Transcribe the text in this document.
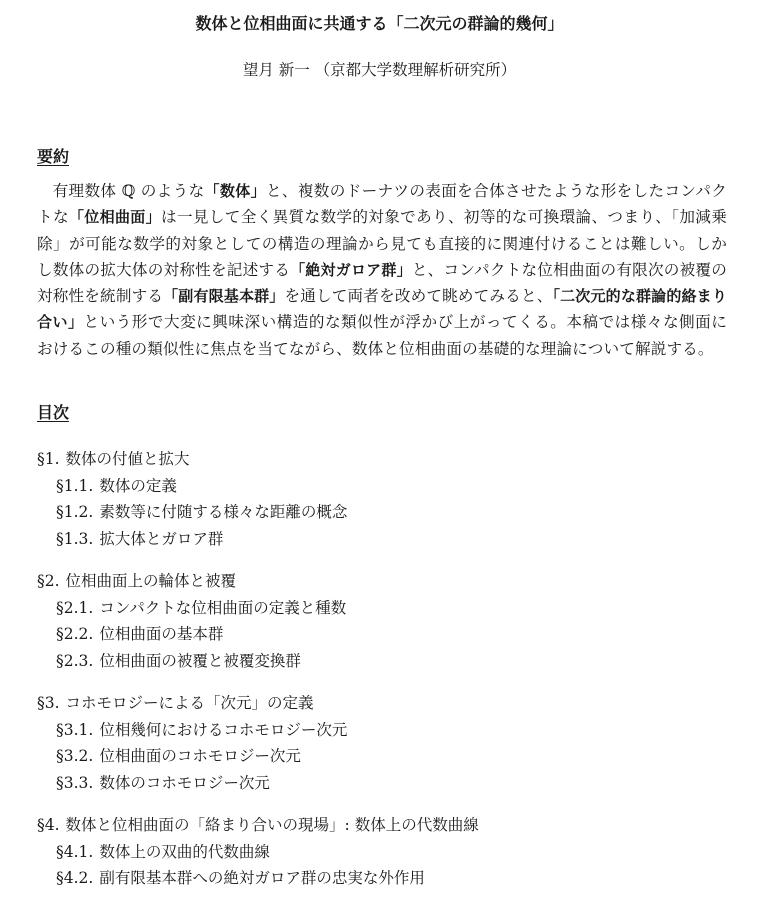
数体と位相曲面に共通する「二次元の群論的幾何」
望月 新一 （京都大学数理解析研究所）
要約

有理数体 ℚ のような「数体」と、複数のドーナツの表面を合体させたような形をしたコンパクトな「位相曲面」は一見して全く異質な数学的対象であり、初等的な可換環論、つまり、「加減乗除」が可能な数学的対象としての構造の理論から見ても直接的に関連付けることは難しい。しかし数体の拡大体の対称性を記述する「絶対ガロア群」と、コンパクトな位相曲面の有限次の被覆の対称性を統制する「副有限基本群」を通して両者を改めて眺めてみると、「二次元的な群論的絡まり合い」という形で大変に興味深い構造的な類似性が浮かび上がってくる。本稿では様々な側面におけるこの種の類似性に焦点を当てながら、数体と位相曲面の基礎的な理論について解説する。

目次
§1. 数体の付値と拡大
§1.1. 数体の定義
§1.2. 素数等に付随する様々な距離の概念
§1.3. 拡大体とガロア群
§2. 位相曲面上の輪体と被覆
§2.1. コンパクトな位相曲面の定義と種数
§2.2. 位相曲面の基本群
§2.3. 位相曲面の被覆と被覆変換群
§3. コホモロジーによる「次元」の定義
§3.1. 位相幾何におけるコホモロジー次元
§3.2. 位相曲面のコホモロジー次元
§3.3. 数体のコホモロジー次元
§4. 数体と位相曲面の「絡まり合いの現場」: 数体上の代数曲線
§4.1. 数体上の双曲的代数曲線
§4.2. 副有限基本群への絶対ガロア群の忠実な外作用
